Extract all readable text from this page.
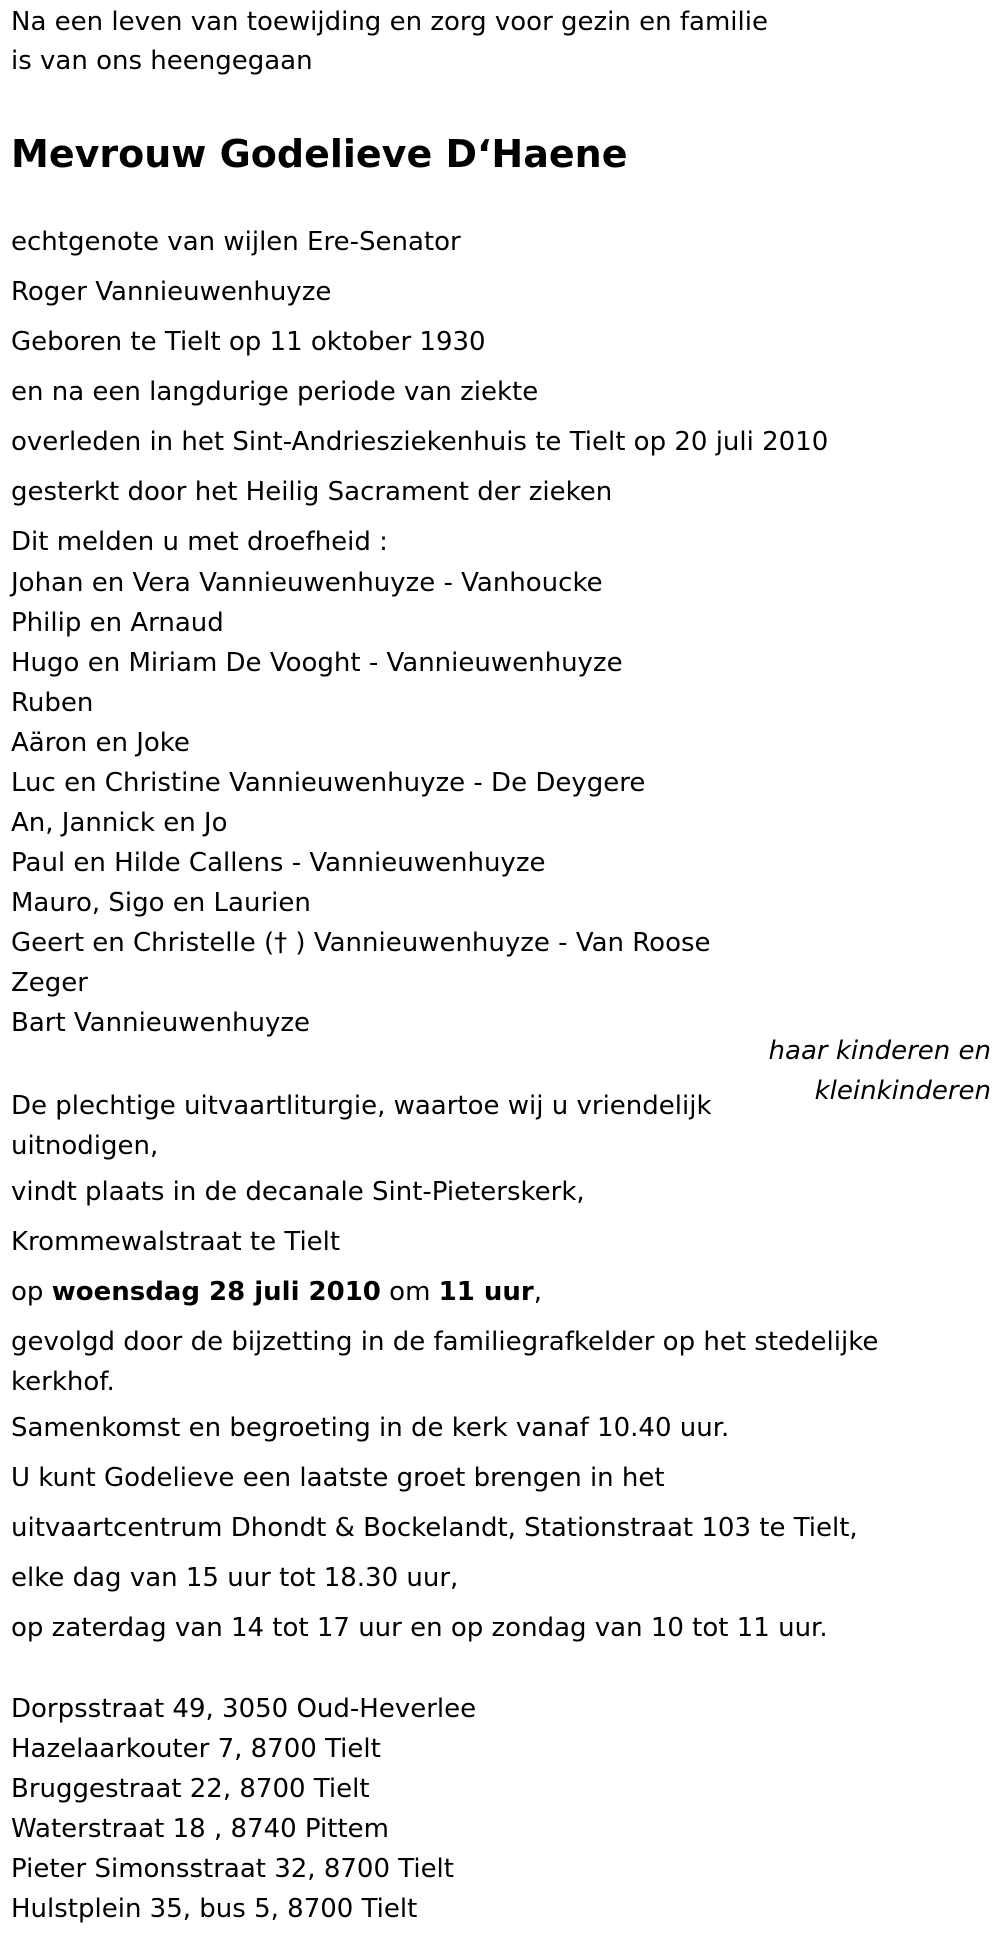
Na een leven van toewijding en zorg voor gezin en familie
is van ons heengegaan
Mevrouw Godelieve D‘Haene
echtgenote van wijlen Ere-Senator
Roger Vannieuwenhuyze
Geboren te Tielt op 11 oktober 1930
en na een langdurige periode van ziekte
overleden in het Sint-Andriesziekenhuis te Tielt op 20 juli 2010
gesterkt door het Heilig Sacrament der zieken
Dit melden u met droefheid :
Johan en Vera Vannieuwenhuyze - Vanhoucke
Philip en Arnaud
Hugo en Miriam De Vooght - Vannieuwenhuyze
Ruben
Aäron en Joke
Luc en Christine Vannieuwenhuyze - De Deygere
An, Jannick en Jo
Paul en Hilde Callens - Vannieuwenhuyze
Mauro, Sigo en Laurien
Geert en Christelle († ) Vannieuwenhuyze - Van Roose
Zeger
Bart Vannieuwenhuyze
haar kinderen en
kleinkinderen
De plechtige uitvaartliturgie, waartoe wij u vriendelijk uitnodigen,
vindt plaats in de decanale Sint-Pieterskerk,
Krommewalstraat te Tielt
op woensdag 28 juli 2010 om 11 uur,
gevolgd door de bijzetting in de familiegrafkelder op het stedelijke kerkhof.
Samenkomst en begroeting in de kerk vanaf 10.40 uur.
U kunt Godelieve een laatste groet brengen in het
uitvaartcentrum Dhondt & Bockelandt, Stationstraat 103 te Tielt,
elke dag van 15 uur tot 18.30 uur,
op zaterdag van 14 tot 17 uur en op zondag van 10 tot 11 uur.
Dorpsstraat 49, 3050 Oud-Heverlee
Hazelaarkouter 7, 8700 Tielt
Bruggestraat 22, 8700 Tielt
Waterstraat 18 , 8740 Pittem
Pieter Simonsstraat 32, 8700 Tielt
Hulstplein 35, bus 5, 8700 Tielt
